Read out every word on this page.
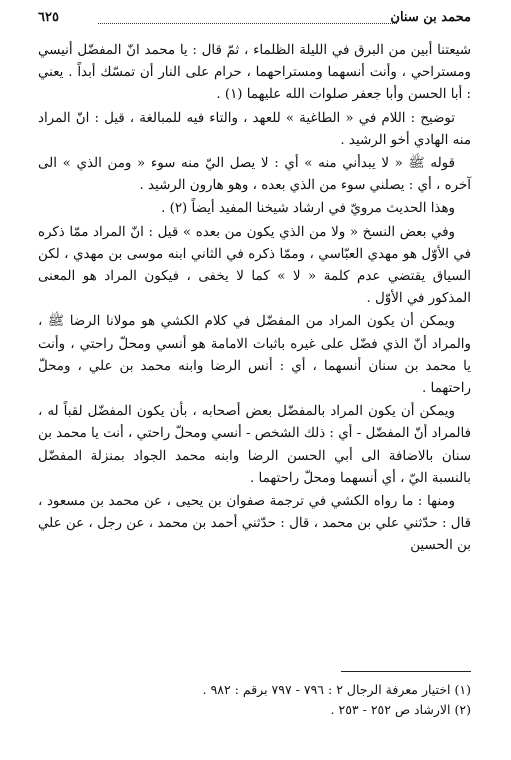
محمد بن سنان
٦٢٥

شيعتنا أبين من البرق في الليلة الظلماء ، ثمّ قال : يا محمد انّ المفضّل أنيسي ومستراحي ، وأنت أنسهما ومستراحهما ، حرام على النار أن تمسّك أبداً . يعني : أبا الحسن وأبا جعفر صلوات الله عليهما (١) .

توضيح : اللام في « الطاغية » للعهد ، والتاء فيه للمبالغة ، قيل : انّ المراد منه الهادي أخو الرشيد .

قوله ﷺ « لا يبدأني منه » أي : لا يصل اليّ منه سوء « ومن الذي » الى آخره ، أي : يصلني سوء من الذي بعده ، وهو هارون الرشيد .

وهذا الحديث مرويّ في ارشاد شيخنا المفيد أيضاً (٢) .

وفي بعض النسخ « ولا من الذي يكون من بعده » قيل : انّ المراد ممّا ذكره في الأوّل هو مهدي العبّاسي ، وممّا ذكره في الثاني ابنه موسى بن مهدي ، لكن السياق يقتضي عدم كلمة « لا » كما لا يخفى ، فيكون المراد هو المعنى المذكور في الأوّل .

ويمكن أن يكون المراد من المفضّل في كلام الكشي هو مولانا الرضا ﷺ ، والمراد أنّ الذي فضّل على غيره باثبات الامامة هو أنسي ومحلّ راحتي ، وأنت يا محمد بن سنان أنسهما ، أي : أنس الرضا وابنه محمد بن علي ، ومحلّ راحتهما .

ويمكن أن يكون المراد بالمفضّل بعض أصحابه ، بأن يكون المفضّل لقباً له ، فالمراد أنّ المفضّل - أي : ذلك الشخص - أنسي ومحلّ راحتي ، أنت يا محمد بن سنان بالاضافة الى أبي الحسن الرضا وابنه محمد الجواد بمنزلة المفضّل بالنسبة اليّ ، أي أنسهما ومحلّ راحتهما .

ومنها : ما رواه الكشي في ترجمة صفوان بن يحيى ، عن محمد بن مسعود ، قال : حدّثني علي بن محمد ، قال : حدّثني أحمد بن محمد ، عن رجل ، عن علي بن الحسين

(١) اختيار معرفة الرجال ٢ : ٧٩٦ - ٧٩٧ برقم : ٩٨٢ .

(٢) الارشاد ص ٢٥٢ - ٢٥٣ .
